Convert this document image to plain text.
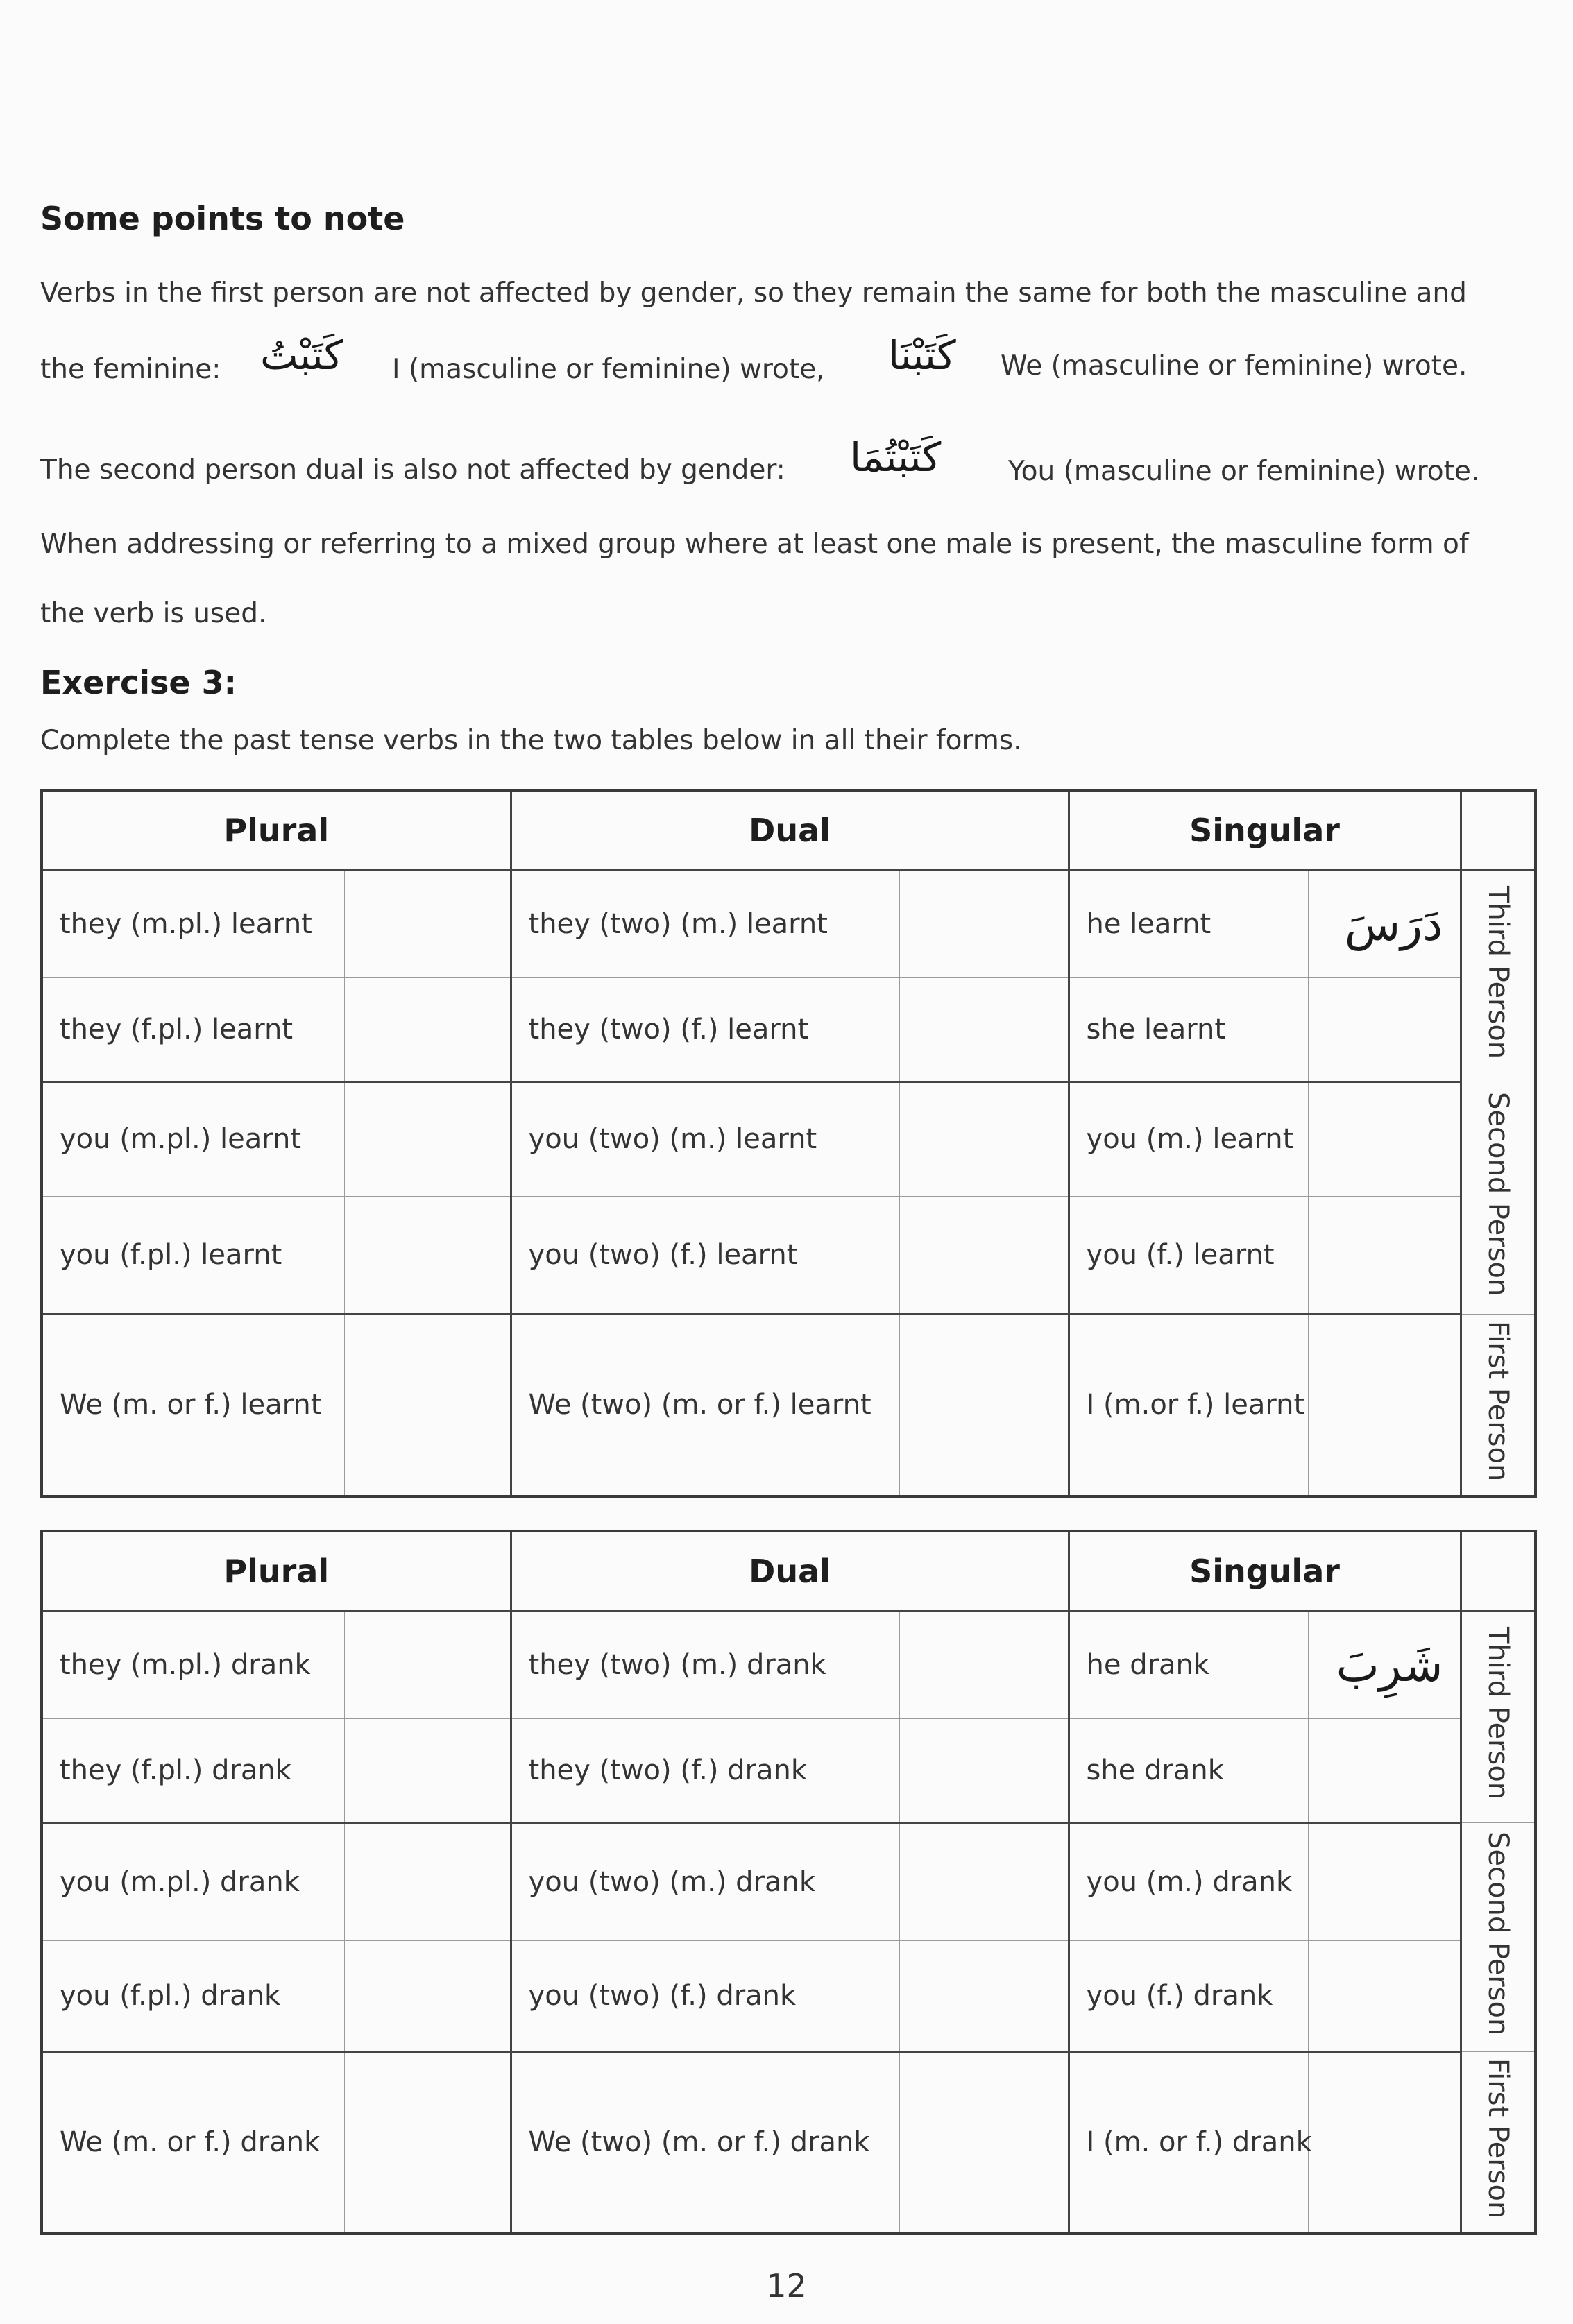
Some points to note
Verbs in the first person are not affected by gender, so they remain the same for both the masculine and
the feminine: كَتَبْتُ I (masculine or feminine) wrote, كَتَبْنَا We (masculine or feminine) wrote.
The second person dual is also not affected by gender: كَتَبْتُمَا You (masculine or feminine) wrote.
When addressing or referring to a mixed group where at least one male is present, the masculine form of
the verb is used.
Exercise 3:
Complete the past tense verbs in the two tables below in all their forms.
Plural		Dual		Singular		
they (m.pl.) learnt		they (two) (m.) learnt		he learnt	دَرَسَ	Third Person
they (f.pl.) learnt		they (two) (f.) learnt		she learnt		
you (m.pl.) learnt		you (two) (m.) learnt		you (m.) learnt		Second Person
you (f.pl.) learnt		you (two) (f.) learnt		you (f.) learnt		
We (m. or f.) learnt		We (two) (m. or f.) learnt		I (m.or f.) learnt		First Person
Plural		Dual		Singular		
they (m.pl.) drank		they (two) (m.) drank		he drank	شَرِبَ	Third Person
they (f.pl.) drank		they (two) (f.) drank		she drank		
you (m.pl.) drank		you (two) (m.) drank		you (m.) drank		Second Person
you (f.pl.) drank		you (two) (f.) drank		you (f.) drank		
We (m. or f.) drank		We (two) (m. or f.) drank		I (m. or f.) drank		First Person
12
